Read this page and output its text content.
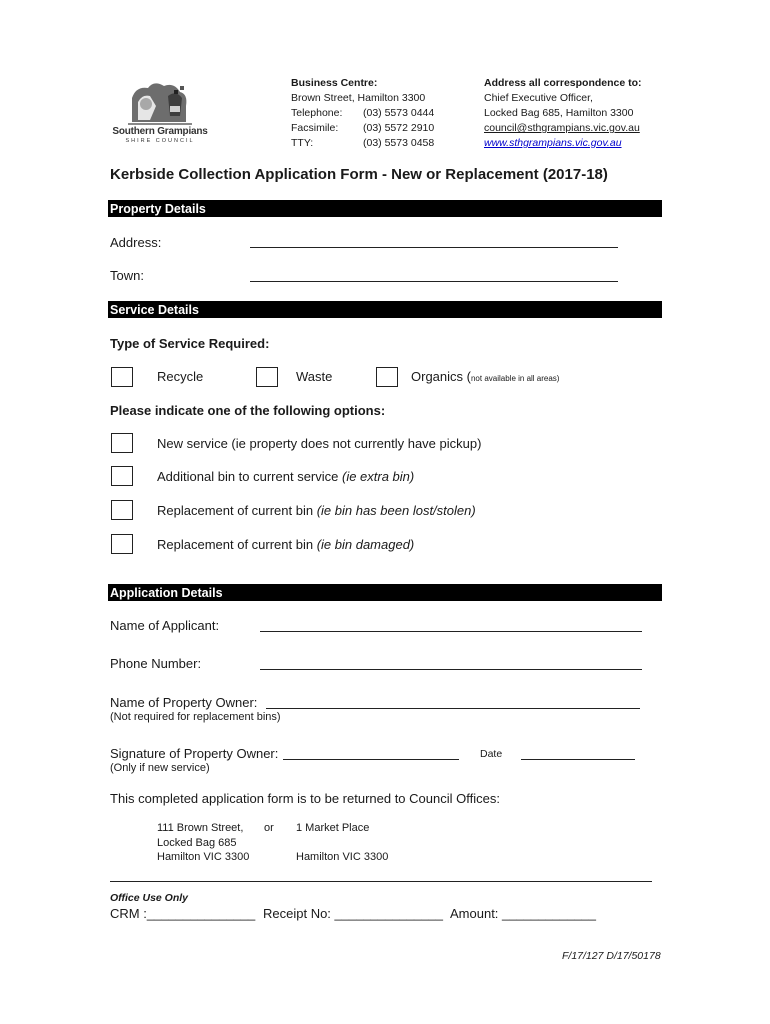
Southern Grampians
SHIRE COUNCIL
Business Centre:
Brown Street, Hamilton 3300
Telephone:	(03) 5573 0444
Facsimile:	(03) 5572 2910
TTY:	(03) 5573 0458
Address all correspondence to:
Chief Executive Officer,
Locked Bag 685, Hamilton 3300
council@sthgrampians.vic.gov.au
www.sthgrampians.vic.gov.au
Kerbside Collection Application Form - New or Replacement (2017-18)
Property Details
Address:
Town:
Service Details
Type of Service Required:
Recycle	Waste	Organics (not available in all areas)
Please indicate one of the following options:
New service (ie property does not currently have pickup)
Additional bin to current service (ie extra bin)
Replacement of current bin (ie bin has been lost/stolen)
Replacement of current bin (ie bin damaged)
Application Details
Name of Applicant:
Phone Number:
Name of Property Owner:
(Not required for replacement bins)
Signature of Property Owner:	Date
(Only if new service)
This completed application form is to be returned to Council Offices:
111 Brown Street,
Locked Bag 685
Hamilton VIC 3300
or 1 Market Place

Hamilton VIC 3300
Office Use Only
CRM :_______________ Receipt No: _______________ Amount: _____________
F/17/127 D/17/50178
